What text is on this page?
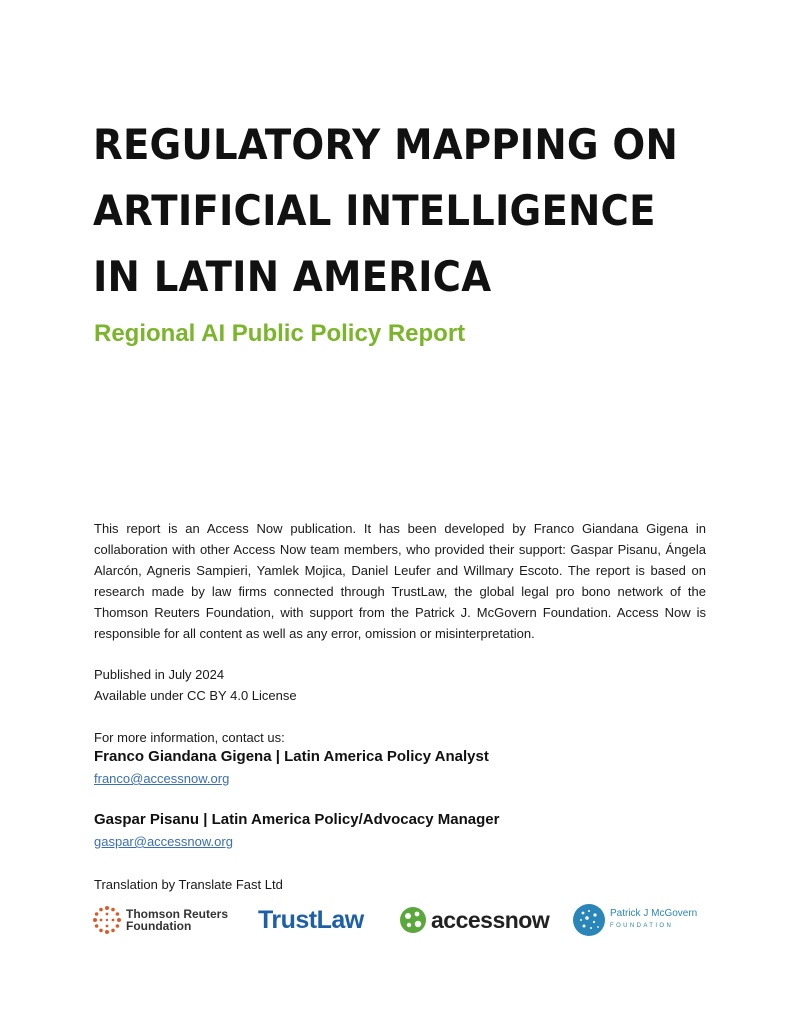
REGULATORY MAPPING ON
ARTIFICIAL INTELLIGENCE
IN LATIN AMERICA
Regional AI Public Policy Report

This report is an Access Now publication. It has been developed by Franco Giandana Gigena in collaboration with other Access Now team members, who provided their support: Gaspar Pisanu, Ángela Alarcón, Agneris Sampieri, Yamlek Mojica, Daniel Leufer and Willmary Escoto. The report is based on research made by law firms connected through TrustLaw, the global legal pro bono network of the Thomson Reuters Foundation, with support from the Patrick J. McGovern Foundation. Access Now is responsible for all content as well as any error, omission or misinterpretation.

Published in July 2024
Available under CC BY 4.0 License
For more information, contact us:
Franco Giandana Gigena | Latin America Policy Analyst
franco@accessnow.org
Gaspar Pisanu | Latin America Policy/Advocacy Manager
gaspar@accessnow.org
Translation by Translate Fast Ltd
Thomson Reuters
Foundation	TrustLaw	accessnow	Patrick J McGovern
FOUNDATION
